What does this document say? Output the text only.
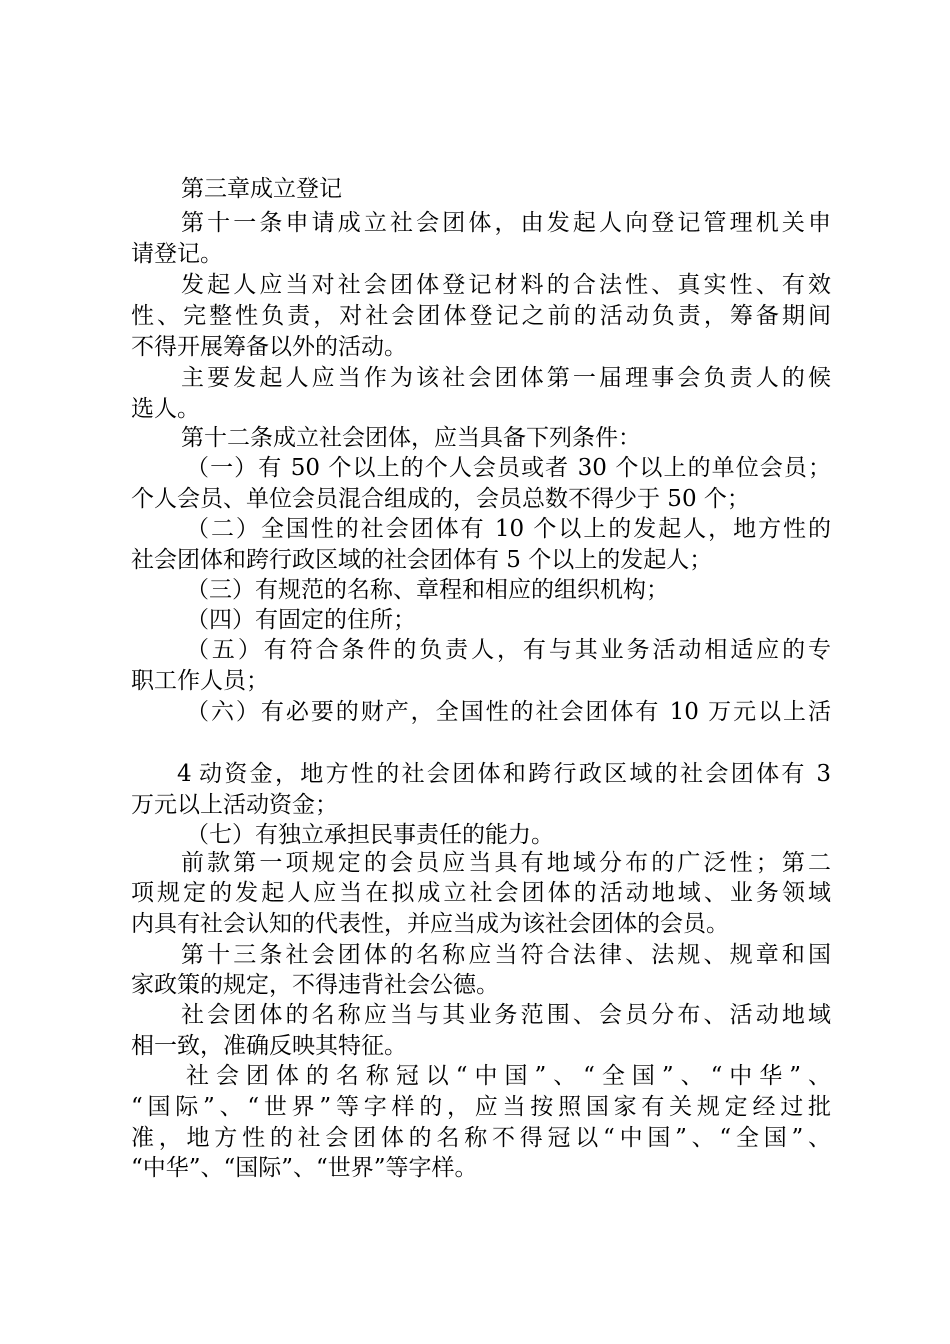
第三章成立登记
第十一条申请成立社会团体，由发起人向登记管理机关申
请登记。
发起人应当对社会团体登记材料的合法性、真实性、有效
性、完整性负责，对社会团体登记之前的活动负责，筹备期间
不得开展筹备以外的活动。
主要发起人应当作为该社会团体第一届理事会负责人的候
选人。
第十二条成立社会团体，应当具备下列条件：
（一）有 50 个以上的个人会员或者 30 个以上的单位会员；
个人会员、单位会员混合组成的，会员总数不得少于 50 个；
（二）全国性的社会团体有 10 个以上的发起人，地方性的
社会团体和跨行政区域的社会团体有 5 个以上的发起人；
（三）有规范的名称、章程和相应的组织机构；
（四）有固定的住所；
（五）有符合条件的负责人，有与其业务活动相适应的专
职工作人员；
（六）有必要的财产，全国性的社会团体有 10 万元以上活
4 动资金，地方性的社会团体和跨行政区域的社会团体有 3
万元以上活动资金；
（七）有独立承担民事责任的能力。
前款第一项规定的会员应当具有地域分布的广泛性；第二
项规定的发起人应当在拟成立社会团体的活动地域、业务领域
内具有社会认知的代表性，并应当成为该社会团体的会员。
第十三条社会团体的名称应当符合法律、法规、规章和国
家政策的规定，不得违背社会公德。
社会团体的名称应当与其业务范围、会员分布、活动地域
相一致，准确反映其特征。
社会团体的名称冠以“中国”、“全国”、“中华”、
“国际”、“世界”等字样的，应当按照国家有关规定经过批
准，地方性的社会团体的名称不得冠以“中国”、“全国”、
“中华”、“国际”、“世界”等字样。
